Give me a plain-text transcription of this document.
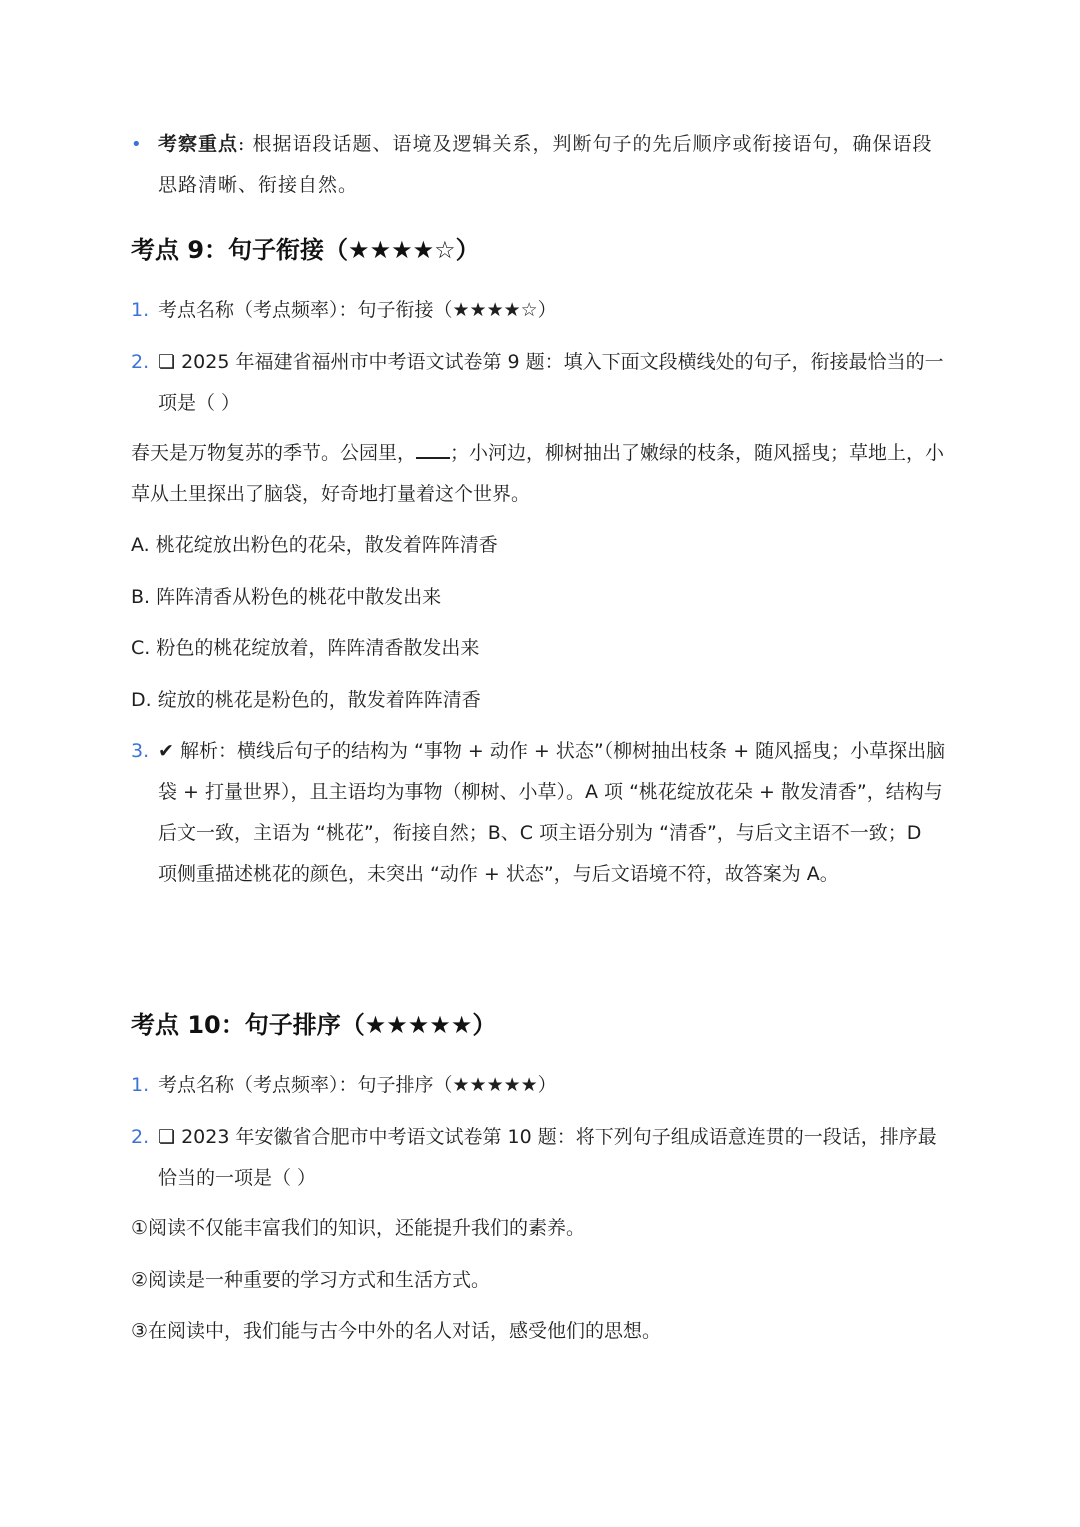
• 考察重点: 根据语段话题、语境及逻辑关系，判断句子的先后顺序或衔接语句，确保语段思路清晰、衔接自然。
考点 9：句子衔接（★★★★☆）
1. 考点名称（考点频率）：句子衔接（★★★★☆）
2. ❏ 2025 年福建省福州市中考语文试卷第 9 题：填入下面文段横线处的句子，衔接最恰当的一项是（ ）
春天是万物复苏的季节。公园里， ；小河边，柳树抽出了嫩绿的枝条，随风摇曳；草地上，小草从土里探出了脑袋，好奇地打量着这个世界。
A. 桃花绽放出粉色的花朵，散发着阵阵清香
B. 阵阵清香从粉色的桃花中散发出来
C. 粉色的桃花绽放着，阵阵清香散发出来
D. 绽放的桃花是粉色的，散发着阵阵清香
3. ✔ 解析：横线后句子的结构为 “事物 + 动作 + 状态”（柳树抽出枝条 + 随风摇曳；小草探出脑袋 + 打量世界），且主语均为事物（柳树、小草）。A 项 “桃花绽放花朵 + 散发清香”，结构与后文一致，主语为 “桃花”，衔接自然；B、C 项主语分别为 “清香”，与后文主语不一致；D 项侧重描述桃花的颜色，未突出 “动作 + 状态”，与后文语境不符，故答案为 A。
考点 10：句子排序（★★★★★）
1. 考点名称（考点频率）：句子排序（★★★★★）
2. ❏ 2023 年安徽省合肥市中考语文试卷第 10 题：将下列句子组成语意连贯的一段话，排序最恰当的一项是（ ）
①阅读不仅能丰富我们的知识，还能提升我们的素养。
②阅读是一种重要的学习方式和生活方式。
③在阅读中，我们能与古今中外的名人对话，感受他们的思想。
